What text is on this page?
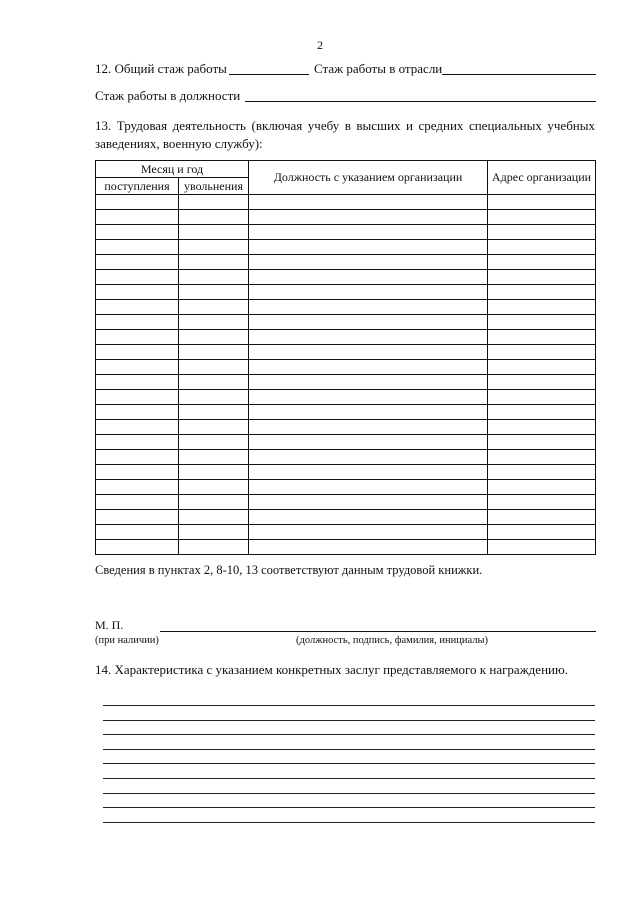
2
12. Общий стаж работы	Стаж работы в отрасли
Стаж работы в должности
13. Трудовая деятельность (включая учебу в высших и средних специальных учебных заведениях, военную службу):
Месяц и год		Должность с указанием организации	Адрес организации
поступления	увольнения		

Сведения в пунктах 2, 8-10, 13 соответствуют данным трудовой книжки.
М. П.
(при наличии)	(должность, подпись, фамилия, инициалы)
14. Характеристика с указанием конкретных заслуг представляемого к награждению.
